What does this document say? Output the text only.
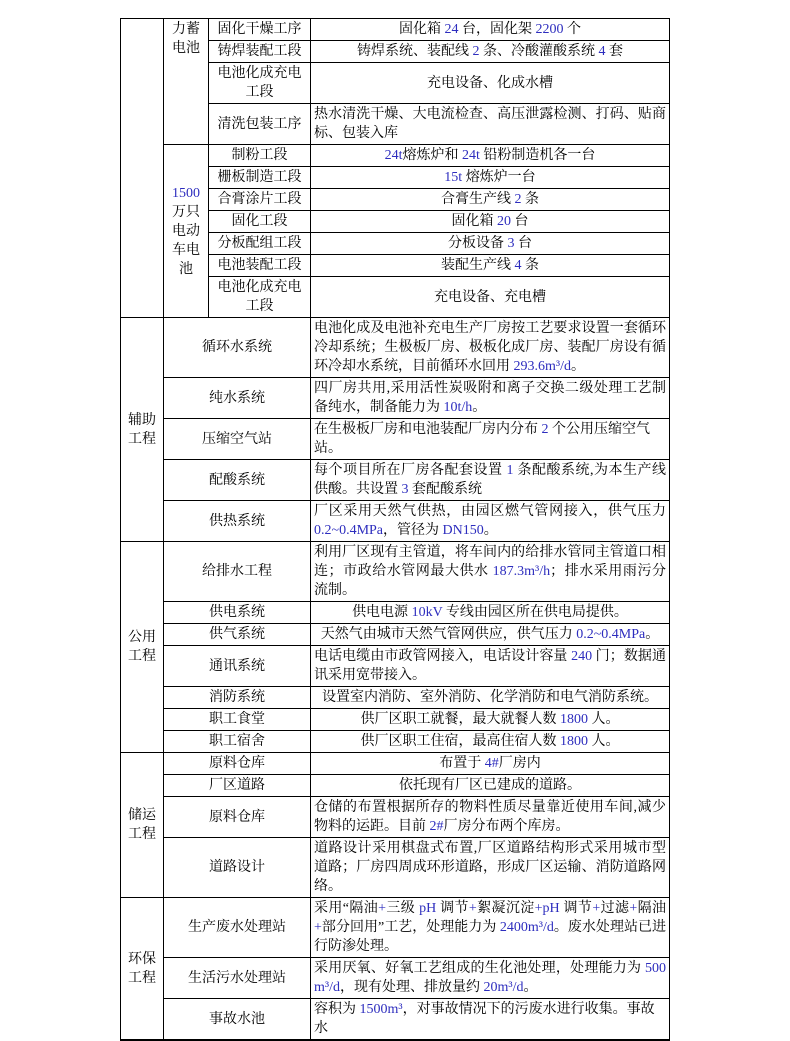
	力蓄电池	固化干燥工序	固化箱 24 台，固化架 2200 个
		铸焊装配工段	铸焊系统、装配线 2 条、冷酸灌酸系统 4 套
		电池化成充电工段	充电设备、化成水槽
		清洗包装工序	热水清洗干燥、大电流检查、高压泄露检测、打码、贴商标、包装入库
	1500万只电动车电池	制粉工段	24t熔炼炉和 24t 铅粉制造机各一台
		栅板制造工段	15t 熔炼炉一台
		合膏涂片工段	合膏生产线 2 条
		固化工段	固化箱 20 台
		分板配组工段	分板设备 3 台
		电池装配工段	装配生产线 4 条
		电池化成充电工段	充电设备、充电槽
辅助工程	循环水系统		电池化成及电池补充电生产厂房按工艺要求设置一套循环冷却系统；生极板厂房、极板化成厂房、装配厂房设有循环冷却水系统，目前循环水回用 293.6m³/d。
	纯水系统		四厂房共用,采用活性炭吸附和离子交换二级处理工艺制备纯水，制备能力为 10t/h。
	压缩空气站		在生极板厂房和电池装配厂房内分布 2 个公用压缩空气站。
	配酸系统		每个项目所在厂房各配套设置 1 条配酸系统,为本生产线供酸。共设置 3 套配酸系统
	供热系统		厂区采用天然气供热，由园区燃气管网接入，供气压力 0.2~0.4MPa，管径为 DN150。
公用工程	给排水工程		利用厂区现有主管道，将车间内的给排水管同主管道口相连；市政给水管网最大供水 187.3m³/h；排水采用雨污分流制。
	供电系统		供电电源 10kV 专线由园区所在供电局提供。
	供气系统		天然气由城市天然气管网供应，供气压力 0.2~0.4MPa。
	通讯系统		电话电缆由市政管网接入，电话设计容量 240 门；数据通讯采用宽带接入。
	消防系统		设置室内消防、室外消防、化学消防和电气消防系统。
	职工食堂		供厂区职工就餐，最大就餐人数 1800 人。
	职工宿舍		供厂区职工住宿，最高住宿人数 1800 人。
储运工程	原料仓库		布置于 4#厂房内
	厂区道路		依托现有厂区已建成的道路。
	原料仓库		仓储的布置根据所存的物料性质尽量靠近使用车间,减少物料的运距。目前 2#厂房分布两个库房。
	道路设计		道路设计采用棋盘式布置,厂区道路结构形式采用城市型道路；厂房四周成环形道路，形成厂区运输、消防道路网络。
环保工程	生产废水处理站		采用“隔油+三级 pH 调节+絮凝沉淀+pH 调节+过滤+隔油+部分回用”工艺，处理能力为 2400m³/d。废水处理站已进行防渗处理。
	生活污水处理站		采用厌氧、好氧工艺组成的生化池处理，处理能力为 500 m³/d，现有处理、排放量约 20m³/d。
	事故水池		容积为 1500m³，对事故情况下的污废水进行收集。事故水
